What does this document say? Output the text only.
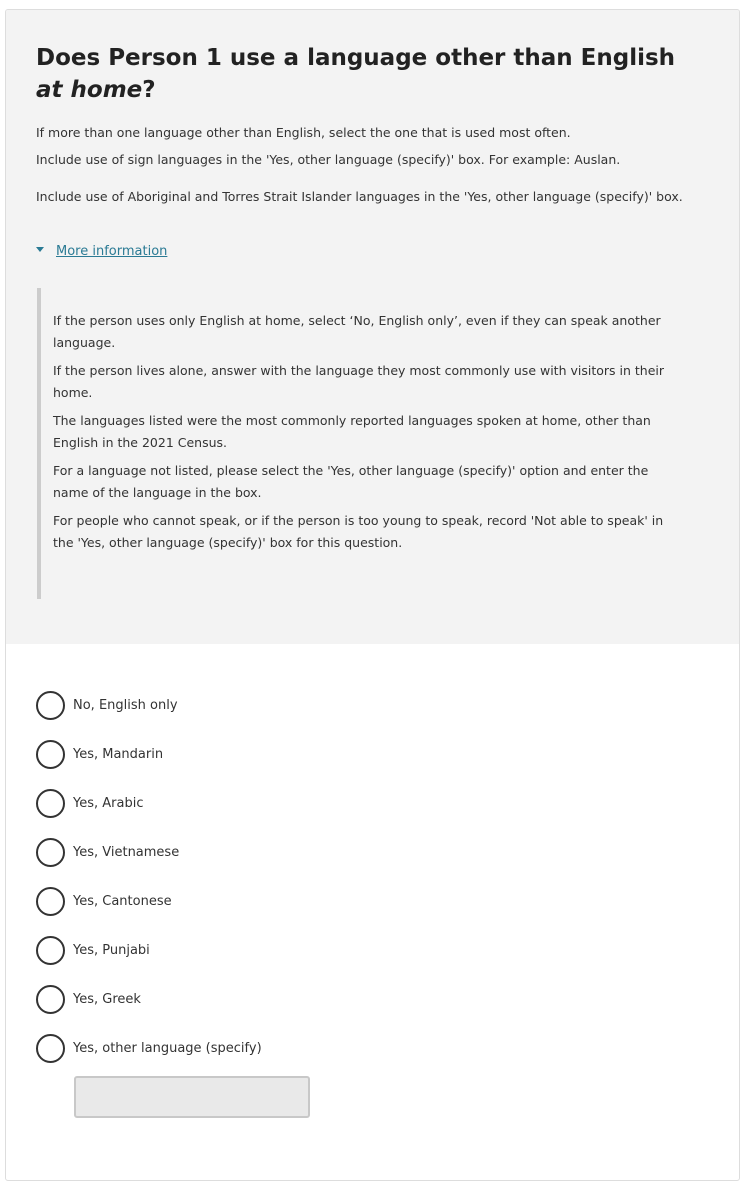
Does Person 1 use a language other than English at home?
If more than one language other than English, select the one that is used most often.
Include use of sign languages in the 'Yes, other language (specify)' box. For example: Auslan.
Include use of Aboriginal and Torres Strait Islander languages in the 'Yes, other language (specify)' box.
More information

If the person uses only English at home, select ‘No, English only’, even if they can speak another language.

If the person lives alone, answer with the language they most commonly use with visitors in their home.

The languages listed were the most commonly reported languages spoken at home, other than English in the 2021 Census.

For a language not listed, please select the 'Yes, other language (specify)' option and enter the name of the language in the box.

For people who cannot speak, or if the person is too young to speak, record 'Not able to speak' in the 'Yes, other language (specify)' box for this question.

No, English only
Yes, Mandarin
Yes, Arabic
Yes, Vietnamese
Yes, Cantonese
Yes, Punjabi
Yes, Greek
Yes, other language (specify)
